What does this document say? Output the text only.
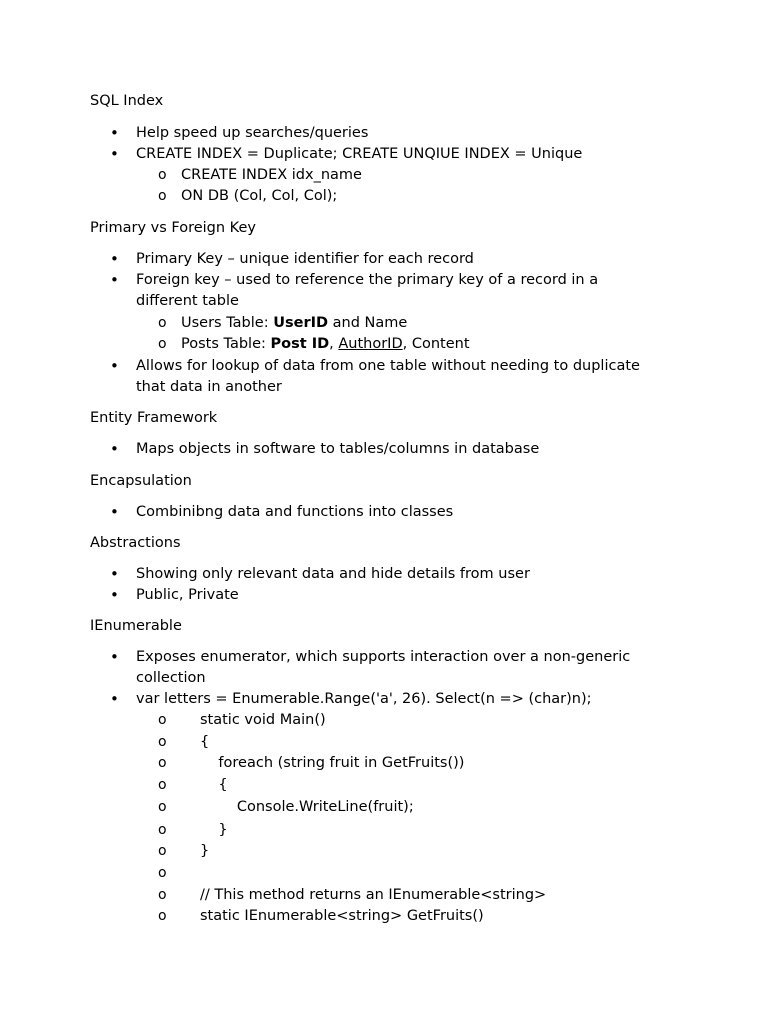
SQL Index
• Help speed up searches/queries
• CREATE INDEX = Duplicate; CREATE UNQIUE INDEX = Unique
o CREATE INDEX idx_name
o ON DB (Col, Col, Col);
Primary vs Foreign Key
• Primary Key – unique identifier for each record
• Foreign key – used to reference the primary key of a record in a
different table
o Users Table: UserID and Name
o Posts Table: Post ID, AuthorID, Content
• Allows for lookup of data from one table without needing to duplicate
that data in another
Entity Framework
• Maps objects in software to tables/columns in database
Encapsulation
• Combinibng data and functions into classes
Abstractions
• Showing only relevant data and hide details from user
• Public, Private
IEnumerable
• Exposes enumerator, which supports interaction over a non-generic
collection
• var letters = Enumerable.Range('a', 26). Select(n => (char)n);
o static void Main()
o {
o foreach (string fruit in GetFruits())
o {
o Console.WriteLine(fruit);
o }
o }
o
o // This method returns an IEnumerable<string>
o static IEnumerable<string> GetFruits()
